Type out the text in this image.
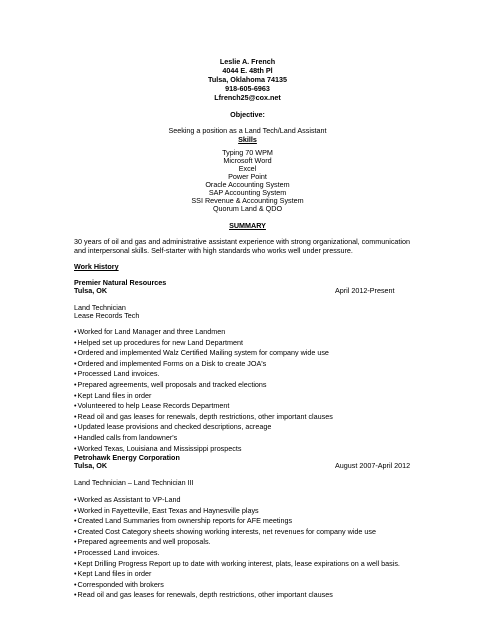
Leslie A. French
4044 E. 48th Pl
Tulsa, Oklahoma 74135
918-605-6963
Lfrench25@cox.net
Objective:
Seeking a position as a Land Tech/Land Assistant
Skills
Typing 70 WPM
Microsoft Word
Excel
Power Point
Oracle Accounting System
SAP Accounting System
SSI Revenue & Accounting System
Quorum Land & QDO
SUMMARY
30 years of oil and gas and administrative assistant experience with strong organizational, communication
and interpersonal skills. Self-starter with high standards who works well under pressure.
Work History
Premier Natural Resources
Tulsa, OK	April 2012-Present
Land Technician
Lease Records Tech
• Worked for Land Manager and three Landmen
• Helped set up procedures for new Land Department
• Ordered and implemented Walz Certified Mailing system for company wide use
• Ordered and implemented Forms on a Disk to create JOA's
• Processed Land invoices.
• Prepared agreements, well proposals and tracked elections
• Kept Land files in order
• Volunteered to help Lease Records Department
• Read oil and gas leases for renewals, depth restrictions, other important clauses
• Updated lease provisions and checked descriptions, acreage
• Handled calls from landowner's
• Worked Texas, Louisiana and Mississippi prospects
Petrohawk Energy Corporation
Tulsa, OK	August 2007-April 2012
Land Technician – Land Technician III
• Worked as Assistant to VP-Land
• Worked in Fayetteville, East Texas and Haynesville plays
• Created Land Summaries from ownership reports for AFE meetings
• Created Cost Category sheets showing working interests, net revenues for company wide use
• Prepared agreements and well proposals.
• Processed Land invoices.
• Kept Drilling Progress Report up to date with working interest, plats, lease expirations on a well basis.
• Kept Land files in order
• Corresponded with brokers
• Read oil and gas leases for renewals, depth restrictions, other important clauses
